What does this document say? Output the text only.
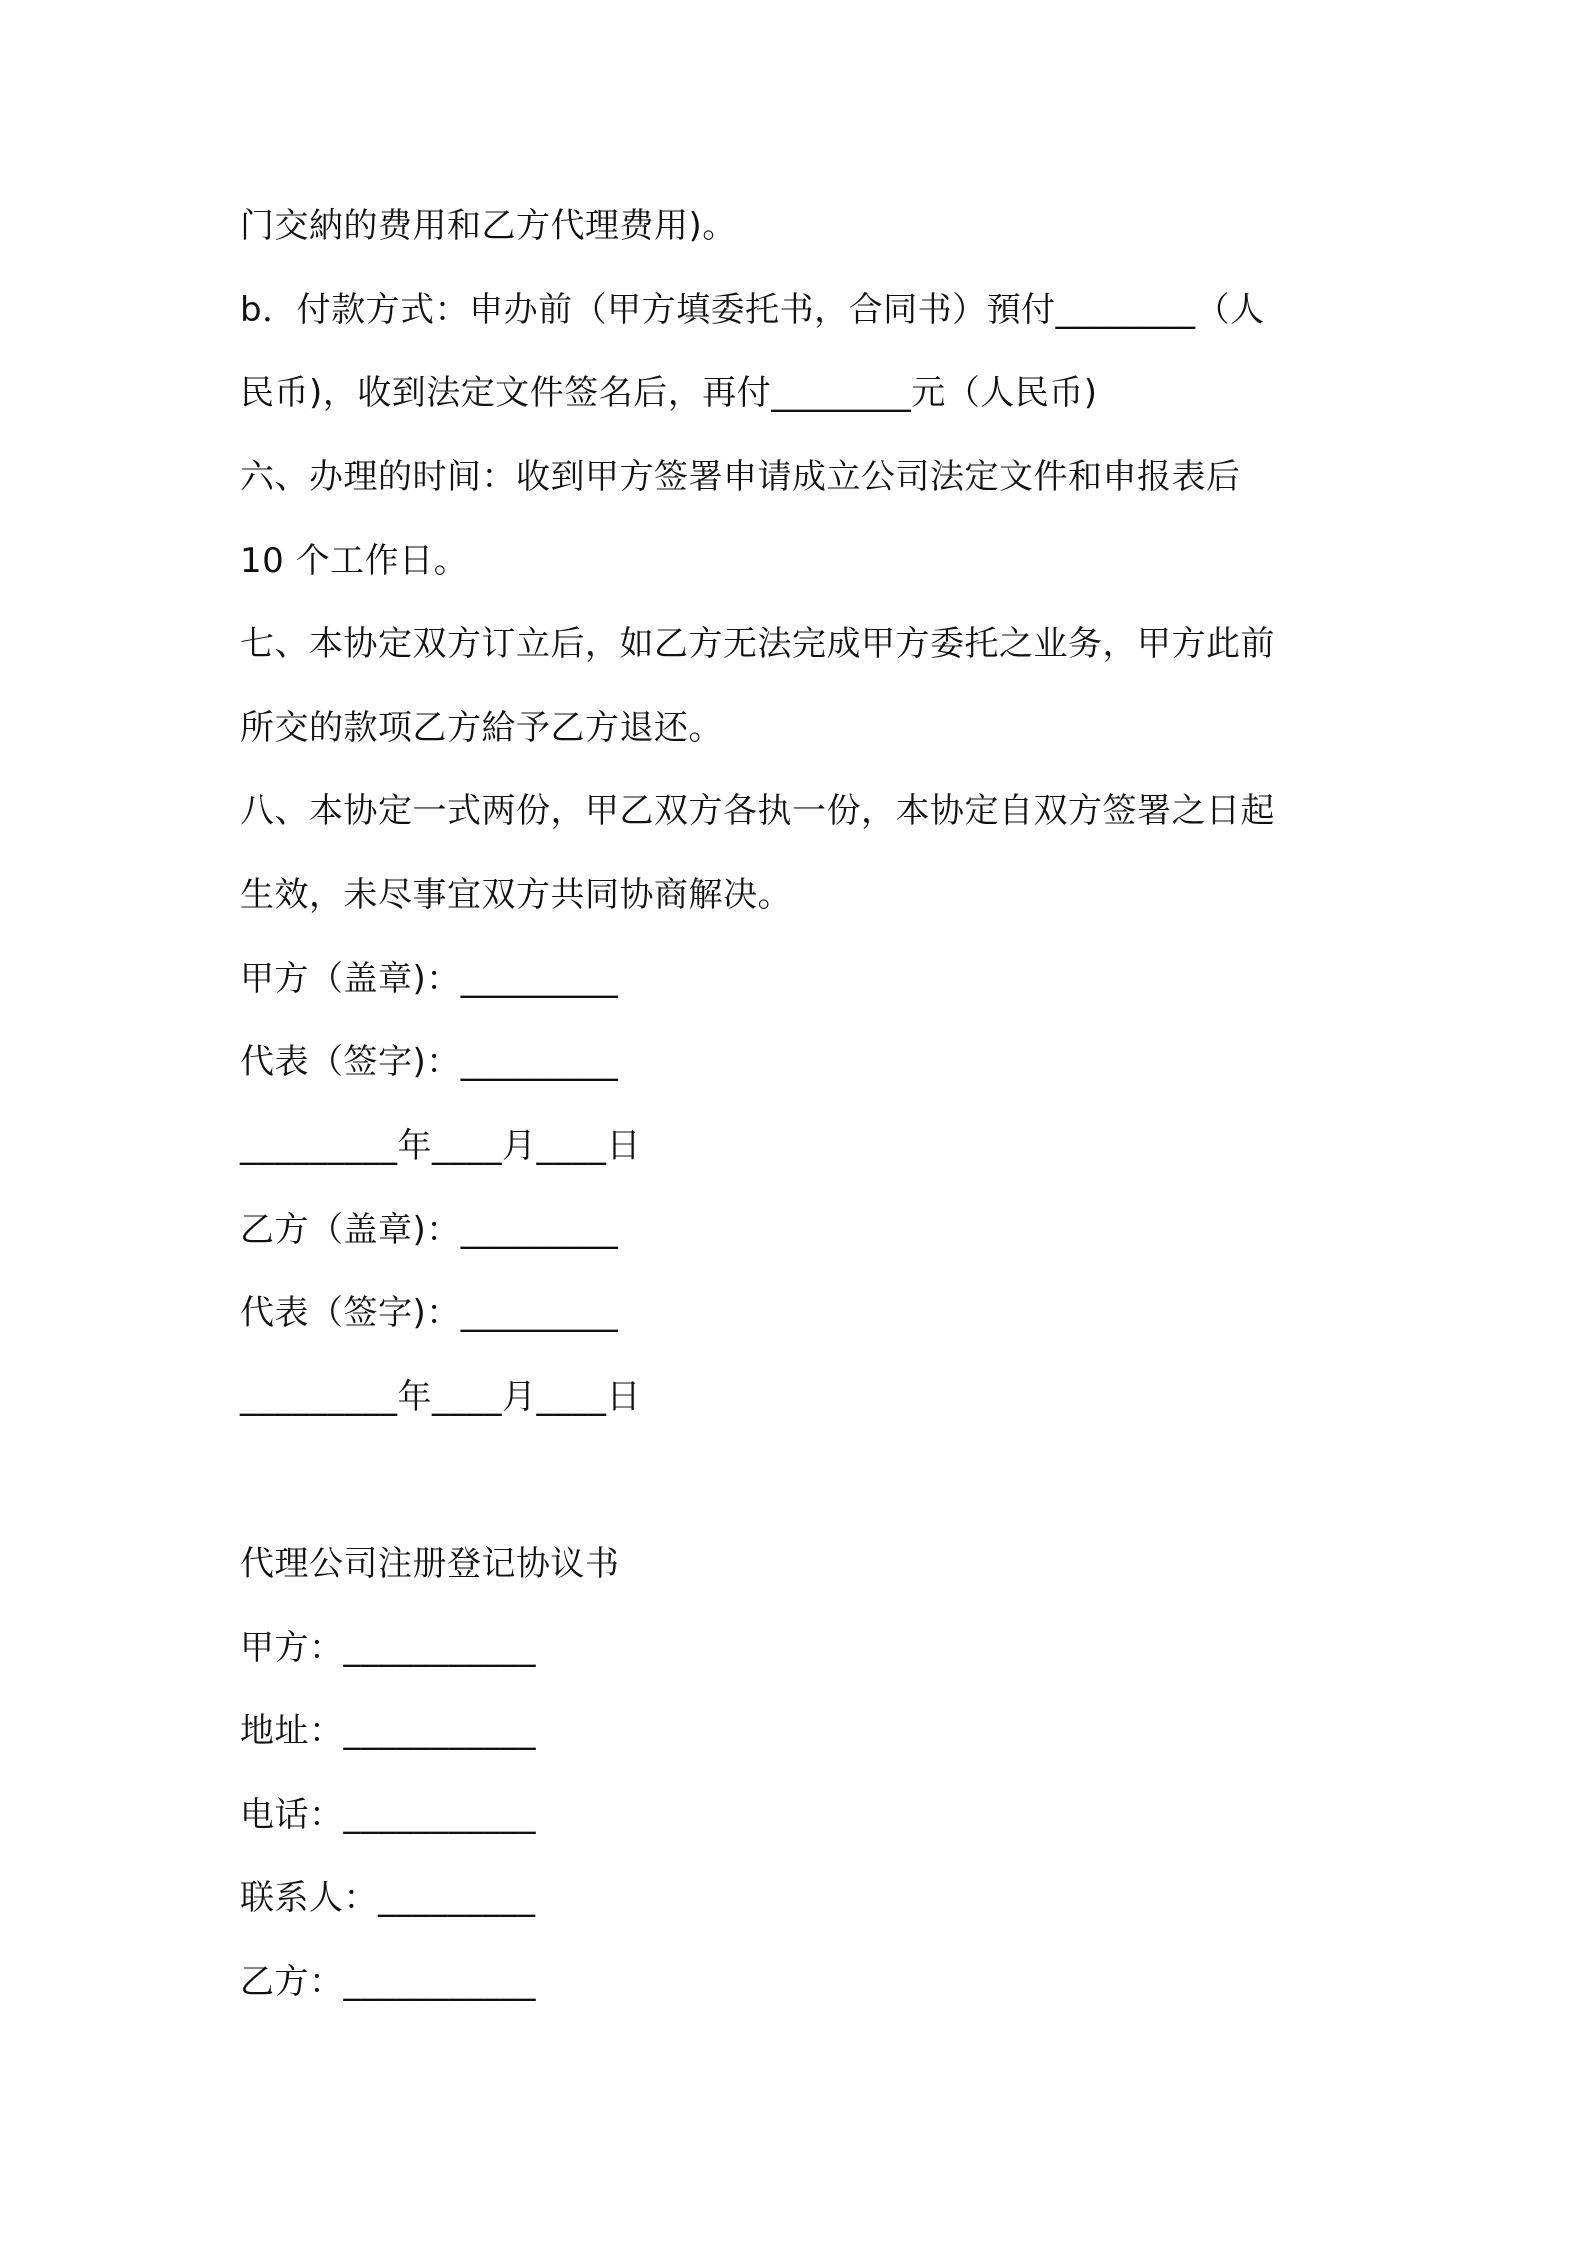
门交納的费用和乙方代理费用)。
b．付款方式：申办前（甲方填委托书，合同书）預付________（人
民币)，收到法定文件签名后，再付________元（人民币)
六、办理的时间：收到甲方签署申请成立公司法定文件和申报表后
10 个工作日。
七、本协定双方订立后，如乙方无法完成甲方委托之业务，甲方此前
所交的款项乙方給予乙方退还。
八、本协定一式两份，甲乙双方各执一份，本协定自双方签署之日起
生效，未尽事宜双方共同协商解决。
甲方（盖章)：_________
代表（签字)：_________
_________年____月____日
乙方（盖章)：_________
代表（签字)：_________
_________年____月____日
代理公司注册登记协议书
甲方：___________
地址：___________
电话：___________
联系人：_________
乙方：___________
